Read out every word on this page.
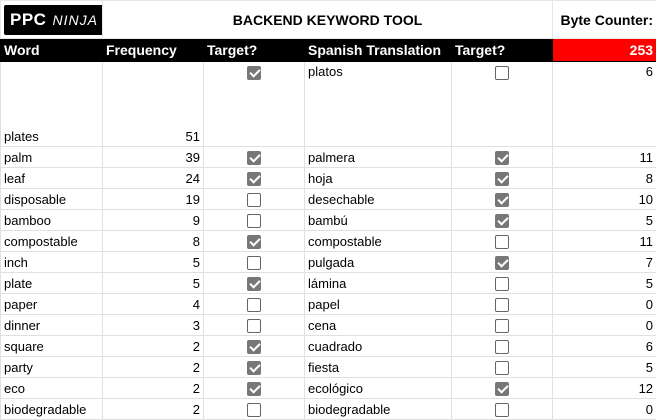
PPC NINJA	BACKEND KEYWORD TOOL				Byte Counter:
Word	Frequency	Target?	Spanish Translation	Target?	253
plates	51		platos		6
palm	39		palmera		11
leaf	24		hoja		8
disposable	19		desechable		10
bamboo	9		bambú		5
compostable	8		compostable		11
inch	5		pulgada		7
plate	5		lámina		5
paper	4		papel		0
dinner	3		cena		0
square	2		cuadrado		6
party	2		fiesta		5
eco	2		ecológico		12
biodegradable	2		biodegradable		0
